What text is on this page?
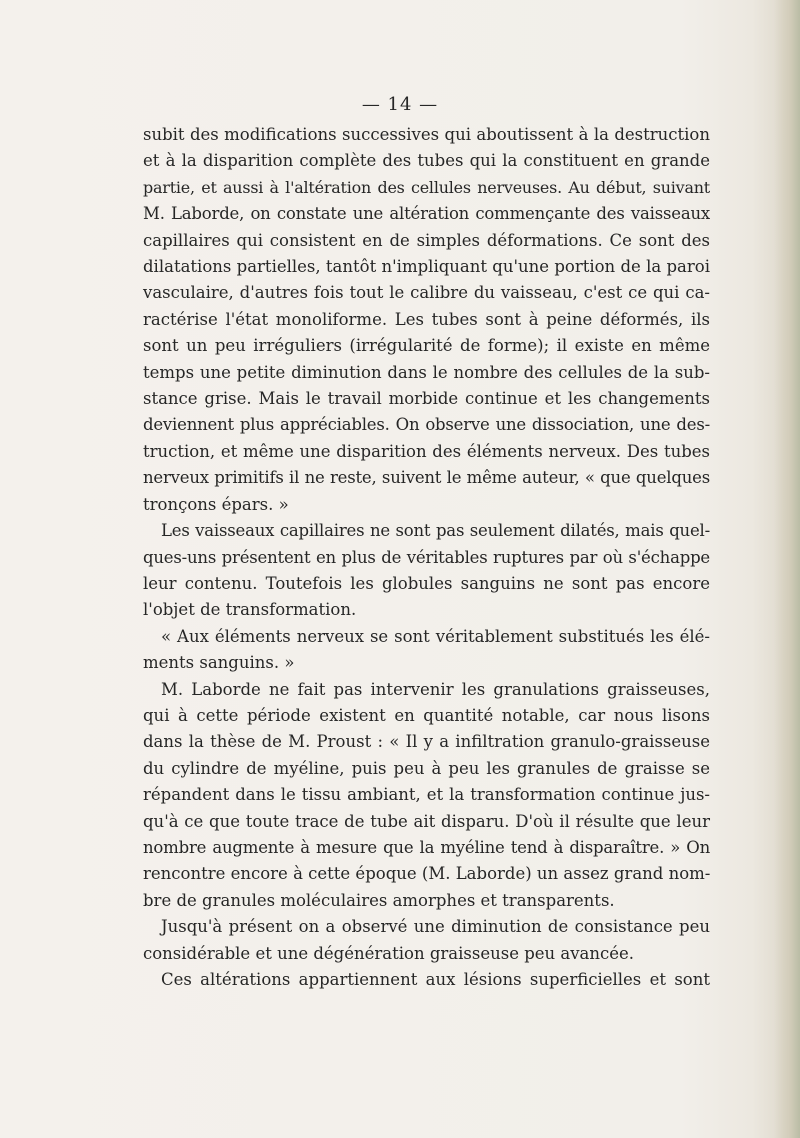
— 14 —

subit des modifications successives qui aboutissent à la destruction

et à la disparition complète des tubes qui la constituent en grande

partie, et aussi à l'altération des cellules nerveuses. Au début, suivant

M. Laborde, on constate une altération commençante des vaisseaux

capillaires qui consistent en de simples déformations. Ce sont des

dilatations partielles, tantôt n'impliquant qu'une portion de la paroi

vasculaire, d'autres fois tout le calibre du vaisseau, c'est ce qui ca-

ractérise l'état monoliforme. Les tubes sont à peine déformés, ils

sont un peu irréguliers (irrégularité de forme); il existe en même

temps une petite diminution dans le nombre des cellules de la sub-

stance grise. Mais le travail morbide continue et les changements

deviennent plus appréciables. On observe une dissociation, une des-

truction, et même une disparition des éléments nerveux. Des tubes

nerveux primitifs il ne reste, suivent le même auteur, « que quelques

tronçons épars. »

Les vaisseaux capillaires ne sont pas seulement dilatés, mais quel-

ques-uns présentent en plus de véritables ruptures par où s'échappe

leur contenu. Toutefois les globules sanguins ne sont pas encore

l'objet de transformation.

« Aux éléments nerveux se sont véritablement substitués les élé-

ments sanguins. »

M. Laborde ne fait pas intervenir les granulations graisseuses,

qui à cette période existent en quantité notable, car nous lisons

dans la thèse de M. Proust : « Il y a infiltration granulo-graisseuse

du cylindre de myéline, puis peu à peu les granules de graisse se

répandent dans le tissu ambiant, et la transformation continue jus-

qu'à ce que toute trace de tube ait disparu. D'où il résulte que leur

nombre augmente à mesure que la myéline tend à disparaître. » On

rencontre encore à cette époque (M. Laborde) un assez grand nom-

bre de granules moléculaires amorphes et transparents.

Jusqu'à présent on a observé une diminution de consistance peu

considérable et une dégénération graisseuse peu avancée.

Ces altérations appartiennent aux lésions superficielles et sont
